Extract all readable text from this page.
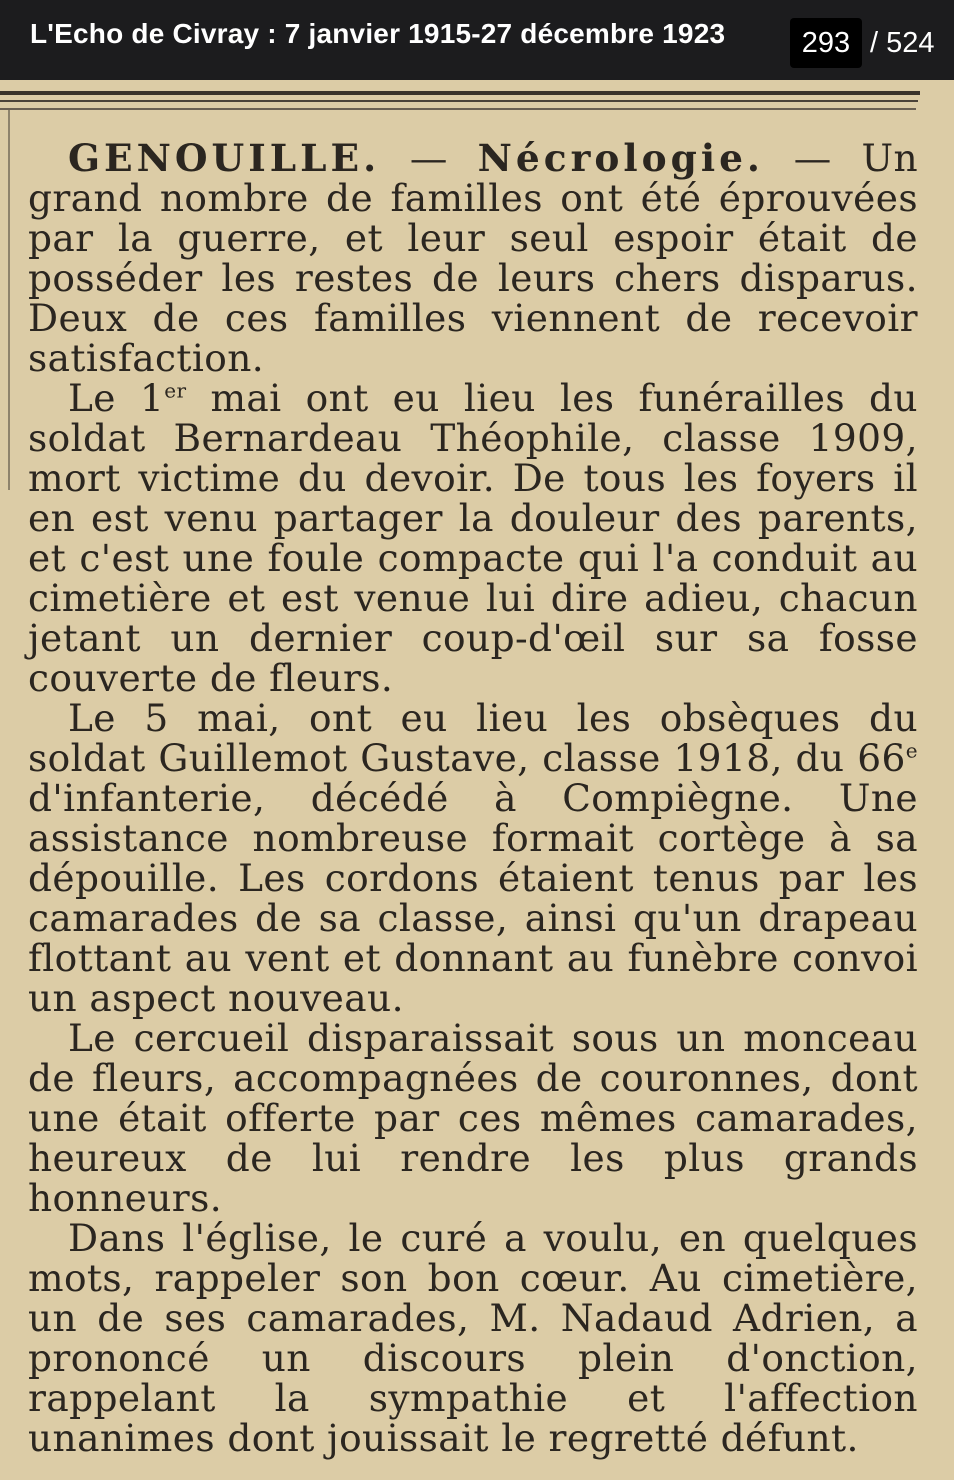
L'Echo de Civray : 7 janvier 1915-27 décembre 1923	293 / 524

GENOUILLE. — Nécrologie. — Un grand nombre de familles ont été éprouvées par la guerre, et leur seul espoir était de posséder les restes de leurs chers disparus. Deux de ces familles viennent de recevoir satisfaction.

Le 1er mai ont eu lieu les funérailles du soldat Bernardeau Théophile, classe 1909, mort victime du devoir. De tous les foyers il en est venu partager la douleur des parents, et c'est une foule compacte qui l'a conduit au cimetière et est venue lui dire adieu, chacun jetant un dernier coup-d'œil sur sa fosse couverte de fleurs.

Le 5 mai, ont eu lieu les obsèques du soldat Guillemot Gustave, classe 1918, du 66e d'infanterie, décédé à Compiègne. Une assistance nombreuse formait cortège à sa dépouille. Les cordons étaient tenus par les camarades de sa classe, ainsi qu'un drapeau flottant au vent et donnant au funèbre convoi un aspect nouveau.

Le cercueil disparaissait sous un monceau de fleurs, accompagnées de couronnes, dont une était offerte par ces mêmes camarades, heureux de lui rendre les plus grands honneurs.

Dans l'église, le curé a voulu, en quelques mots, rappeler son bon cœur. Au cimetière, un de ses camarades, M. Nadaud Adrien, a prononcé un discours plein d'onction, rappelant la sympathie et l'affection unanimes dont jouissait le regretté défunt.
